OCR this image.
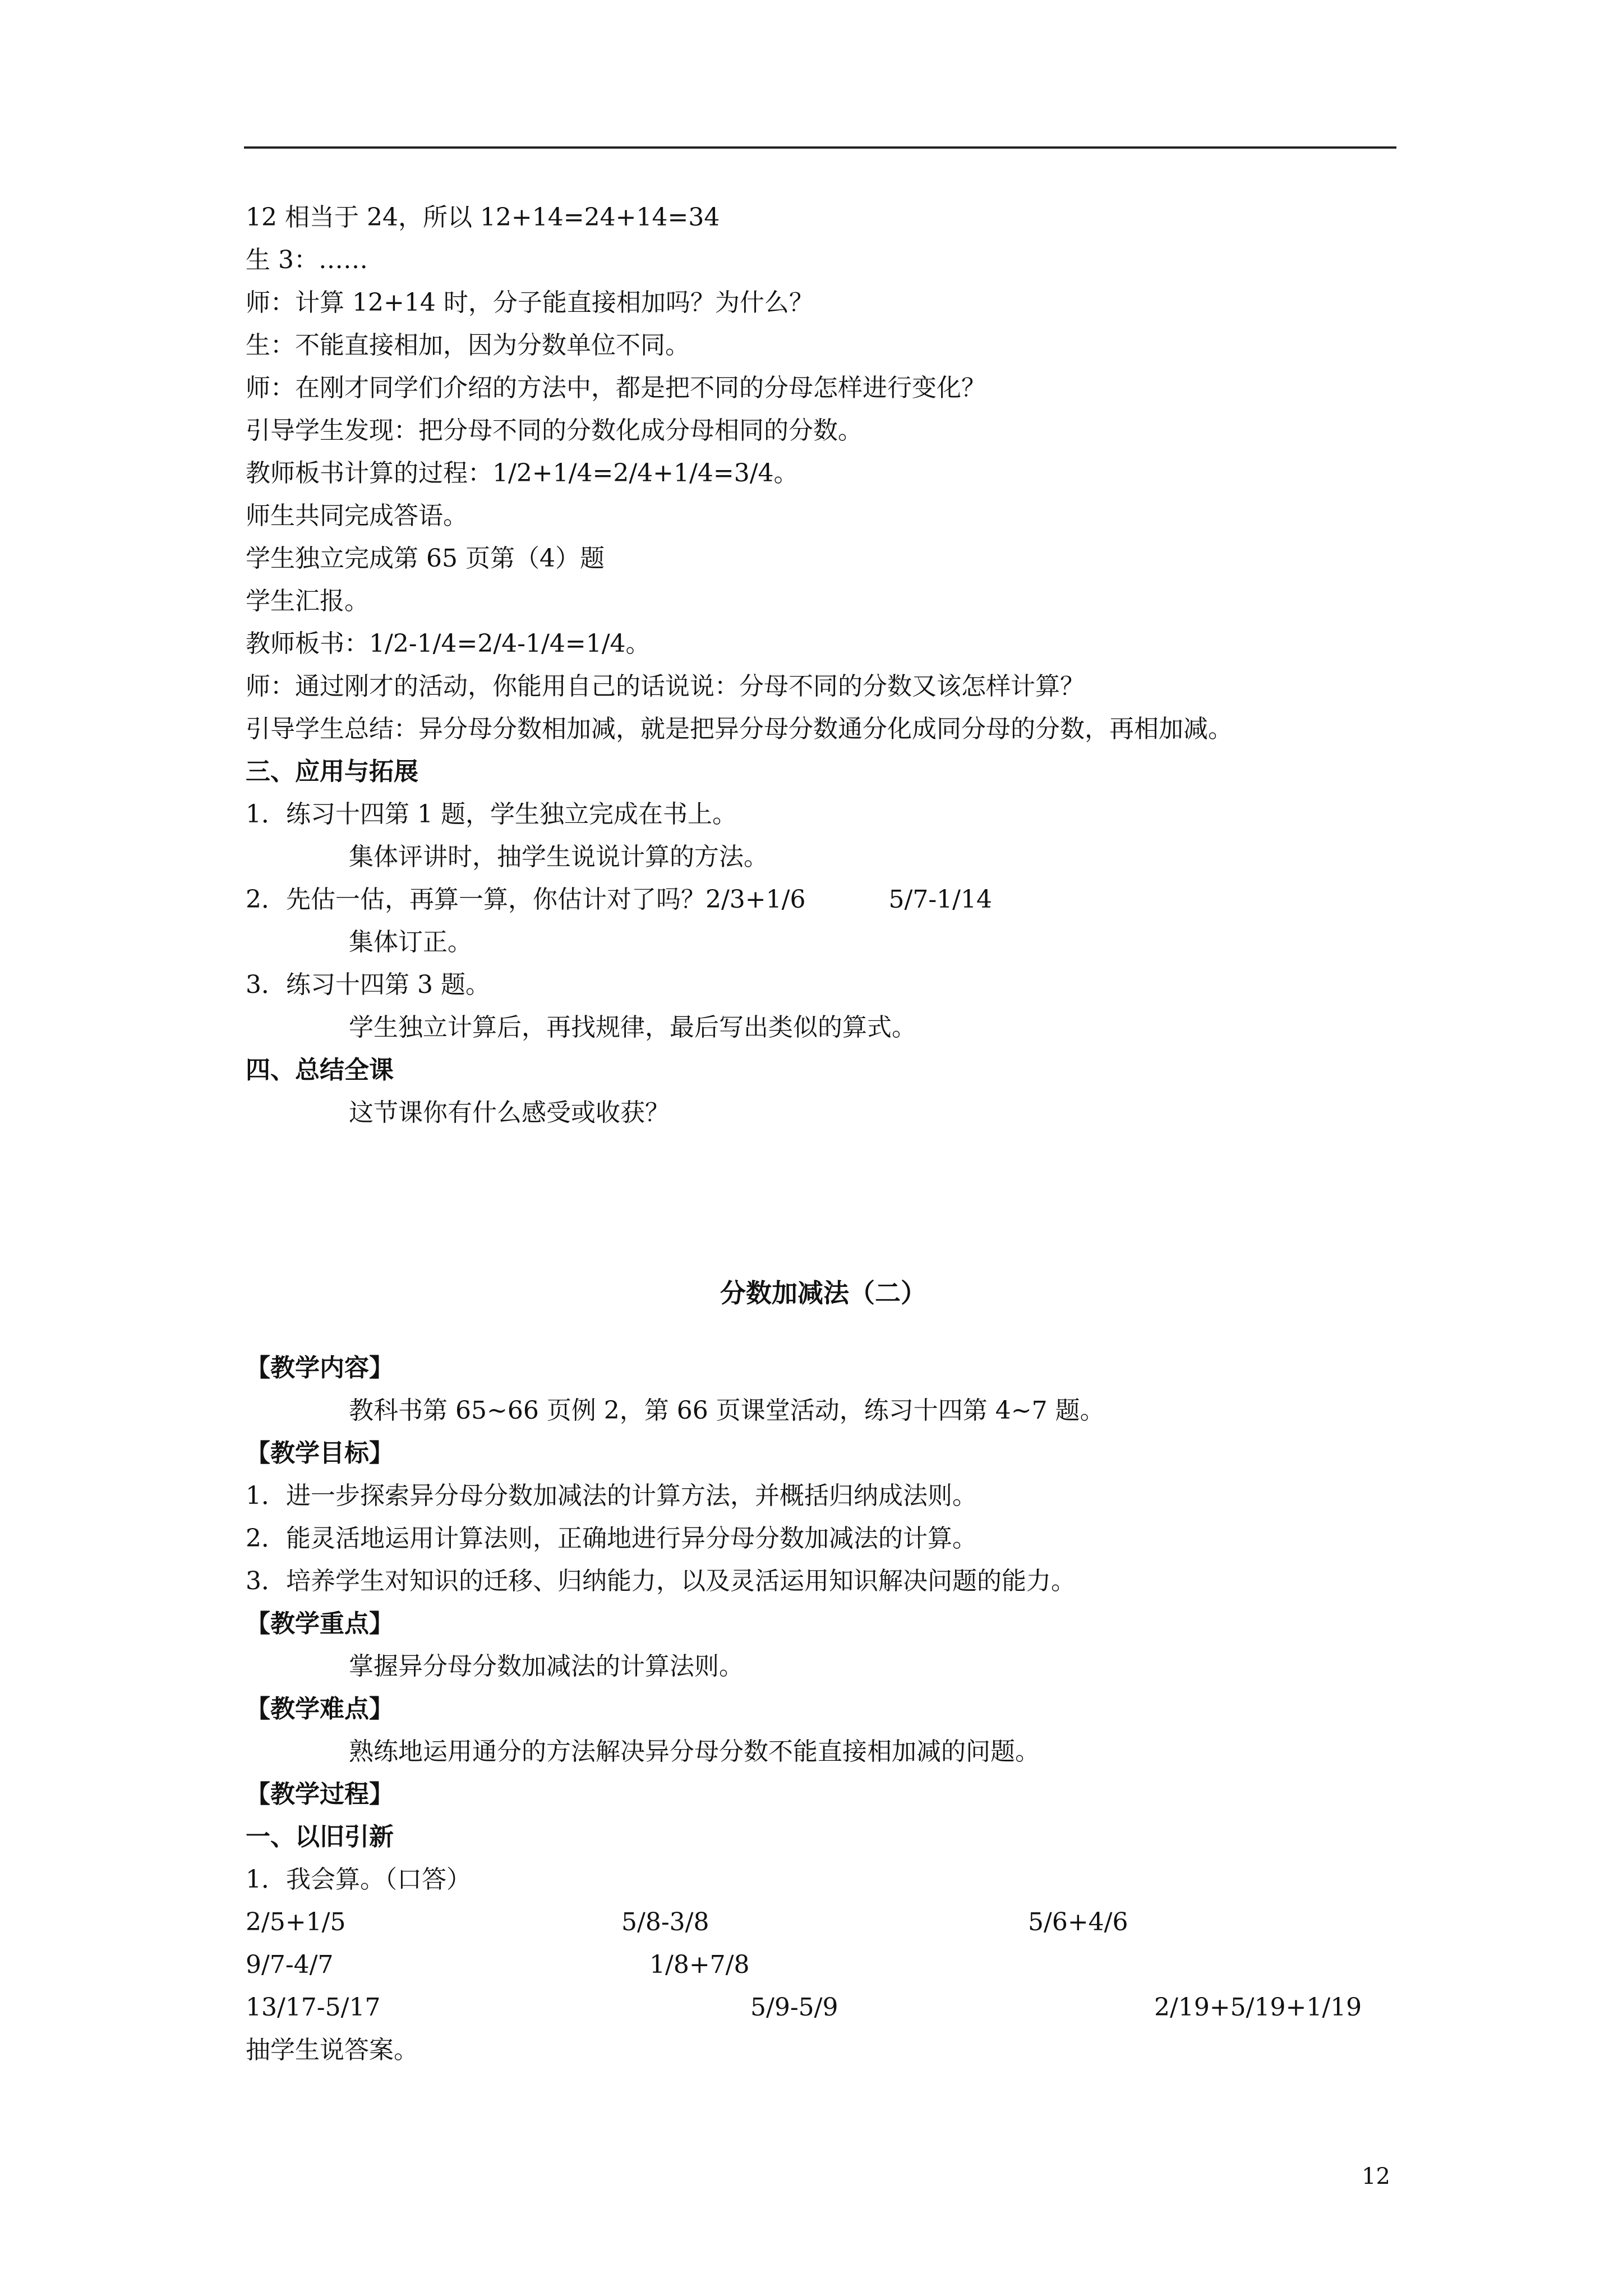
12 相当于 24，所以 12+14=24+14=34
生 3：……
师：计算 12+14 时，分子能直接相加吗？为什么？
生：不能直接相加，因为分数单位不同。
师：在刚才同学们介绍的方法中，都是把不同的分母怎样进行变化？
引导学生发现：把分母不同的分数化成分母相同的分数。
教师板书计算的过程：1/2+1/4=2/4+1/4=3/4。
师生共同完成答语。
学生独立完成第 65 页第（4）题
学生汇报。
教师板书：1/2-1/4=2/4-1/4=1/4。
师：通过刚才的活动，你能用自己的话说说：分母不同的分数又该怎样计算？
引导学生总结：异分母分数相加减，就是把异分母分数通分化成同分母的分数，再相加减。
三、应用与拓展
1．练习十四第 1 题，学生独立完成在书上。
集体评讲时，抽学生说说计算的方法。
2．先估一估，再算一算，你估计对了吗？2/3+1/6	5/7-1/14
集体订正。
3．练习十四第 3 题。
学生独立计算后，再找规律，最后写出类似的算式。
四、总结全课
这节课你有什么感受或收获？
分数加减法（二）
【教学内容】
教科书第 65~66 页例 2，第 66 页课堂活动，练习十四第 4~7 题。
【教学目标】
1．进一步探索异分母分数加减法的计算方法，并概括归纳成法则。
2．能灵活地运用计算法则，正确地进行异分母分数加减法的计算。
3．培养学生对知识的迁移、归纳能力，以及灵活运用知识解决问题的能力。
【教学重点】
掌握异分母分数加减法的计算法则。
【教学难点】
熟练地运用通分的方法解决异分母分数不能直接相加减的问题。
【教学过程】
一、以旧引新
1．我会算。（口答）
2/5+1/5	5/8-3/8	5/6+4/6
9/7-4/7	1/8+7/8
13/17-5/17	5/9-5/9	2/19+5/19+1/19
抽学生说答案。
12
